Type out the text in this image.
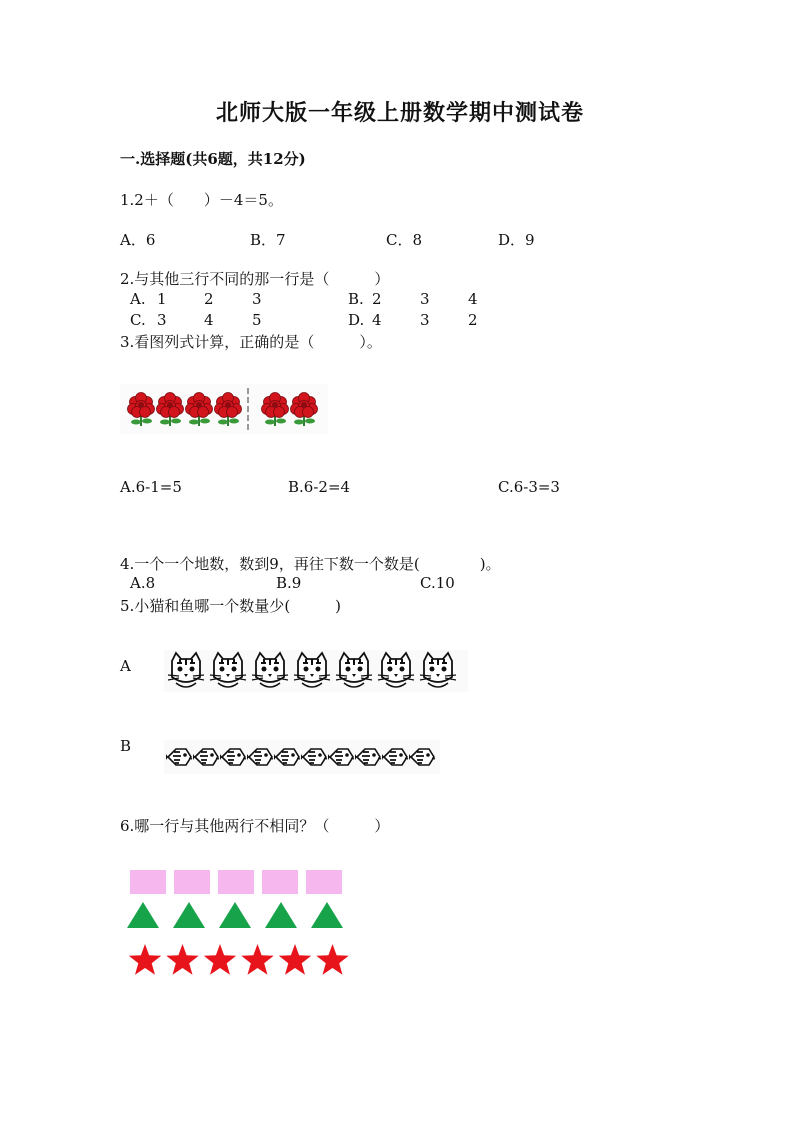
北师大版一年级上册数学期中测试卷
一.选择题(共6题，共12分)
1.2＋（　　）－4＝5。
A．6	B．7	C．8	D．9
2.与其他三行不同的那一行是（　　　）
A. 1 2	3	B. 2	3	4
C. 3 4	5	D. 4	3	2
3.看图列式计算，正确的是（　　　）。
A.6-1=5	B.6-2=4	C.6-3=3
4.一个一个地数，数到9，再往下数一个数是(　　　　)。
A.8	B.9	C.10
5.小猫和鱼哪一个数量少(　　　)
A
B
6.哪一行与其他两行不相同？（　　　）
